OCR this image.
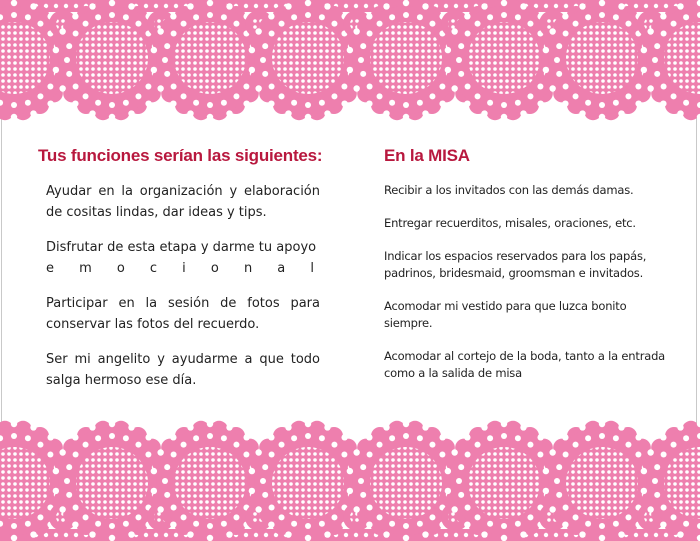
Tus funciones serían las siguientes:
Ayudar en la organización y elaboración de cositas lindas, dar ideas y tips.
Disfrutar de esta etapa y darme tu apoyo
e m o c i o n a l
Participar en la sesión de fotos para conservar las fotos del recuerdo.
Ser mi angelito y ayudarme a que todo salga hermoso ese día.
En la MISA
Recibir a los invitados con las demás damas.
Entregar recuerditos, misales, oraciones, etc.
Indicar los espacios reservados para los papás, padrinos, bridesmaid, groomsman e invitados.
Acomodar mi vestido para que luzca bonito siempre.
Acomodar al cortejo de la boda, tanto a la entrada como a la salida de misa
